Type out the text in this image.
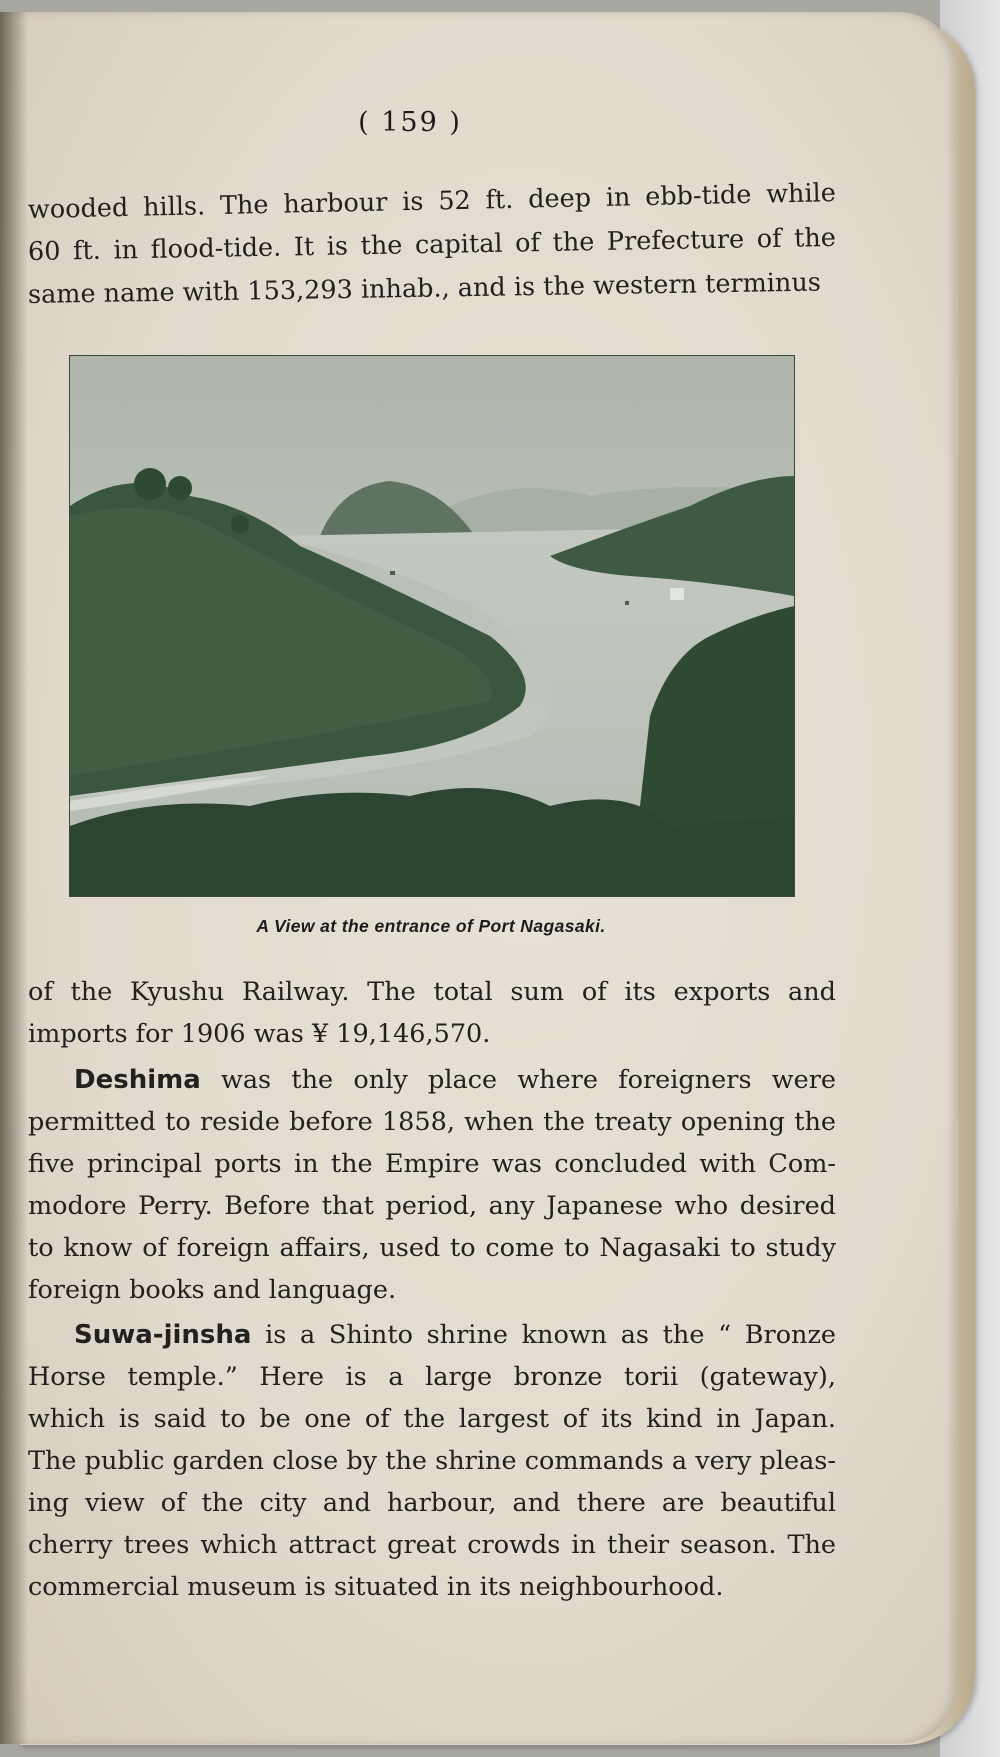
( 159 )
wooded hills. The harbour is 52 ft. deep in ebb-tide while
60 ft. in flood-tide. It is the capital of the Prefecture of the
same name with 153,293 inhab., and is the western terminus
A View at the entrance of Port Nagasaki.
of the Kyushu Railway. The total sum of its exports and
imports for 1906 was ¥ 19,146,570.
Deshima was the only place where foreigners were
permitted to reside before 1858, when the treaty opening the
five principal ports in the Empire was concluded with Com-
modore Perry. Before that period, any Japanese who desired
to know of foreign affairs, used to come to Nagasaki to study
foreign books and language.
Suwa-jinsha is a Shinto shrine known as the “ Bronze
Horse temple.” Here is a large bronze torii (gateway),
which is said to be one of the largest of its kind in Japan.
The public garden close by the shrine commands a very pleas-
ing view of the city and harbour, and there are beautiful
cherry trees which attract great crowds in their season. The
commercial museum is situated in its neighbourhood.
